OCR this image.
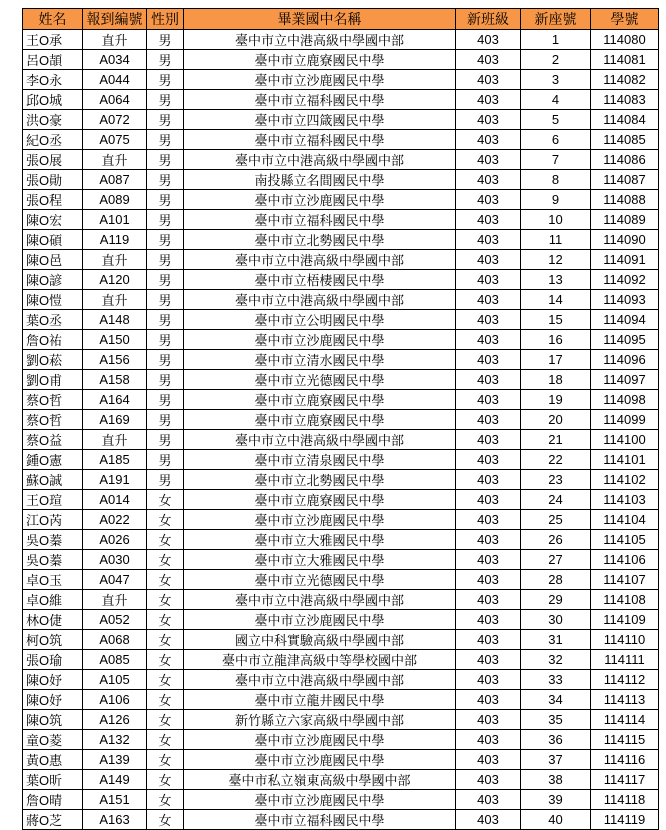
姓名	報到編號	性別	畢業國中名稱	新班級	新座號	學號
王O承	直升	男	臺中市立中港高級中學國中部	403	1	114080
呂O頡	A034	男	臺中市立鹿寮國民中學	403	2	114081
李O永	A044	男	臺中市立沙鹿國民中學	403	3	114082
邱O城	A064	男	臺中市立福科國民中學	403	4	114083
洪O豪	A072	男	臺中市立四箴國民中學	403	5	114084
紀O丞	A075	男	臺中市立福科國民中學	403	6	114085
張O展	直升	男	臺中市立中港高級中學國中部	403	7	114086
張O勛	A087	男	南投縣立名間國民中學	403	8	114087
張O程	A089	男	臺中市立沙鹿國民中學	403	9	114088
陳O宏	A101	男	臺中市立福科國民中學	403	10	114089
陳O碩	A119	男	臺中市立北勢國民中學	403	11	114090
陳O邑	直升	男	臺中市立中港高級中學國中部	403	12	114091
陳O諺	A120	男	臺中市立梧棲國民中學	403	13	114092
陳O愷	直升	男	臺中市立中港高級中學國中部	403	14	114093
葉O丞	A148	男	臺中市立公明國民中學	403	15	114094
詹O祐	A150	男	臺中市立沙鹿國民中學	403	16	114095
劉O菘	A156	男	臺中市立清水國民中學	403	17	114096
劉O甫	A158	男	臺中市立光德國民中學	403	18	114097
蔡O哲	A164	男	臺中市立鹿寮國民中學	403	19	114098
蔡O哲	A169	男	臺中市立鹿寮國民中學	403	20	114099
蔡O益	直升	男	臺中市立中港高級中學國中部	403	21	114100
鍾O憲	A185	男	臺中市立清泉國民中學	403	22	114101
蘇O誠	A191	男	臺中市立北勢國民中學	403	23	114102
王O瑄	A014	女	臺中市立鹿寮國民中學	403	24	114103
江O芮	A022	女	臺中市立沙鹿國民中學	403	25	114104
吳O蓁	A026	女	臺中市立大雅國民中學	403	26	114105
吳O蓁	A030	女	臺中市立大雅國民中學	403	27	114106
卓O玉	A047	女	臺中市立光德國民中學	403	28	114107
卓O維	直升	女	臺中市立中港高級中學國中部	403	29	114108
林O倢	A052	女	臺中市立沙鹿國民中學	403	30	114109
柯O筑	A068	女	國立中科實驗高級中學國中部	403	31	114110
張O瑜	A085	女	臺中市立龍津高級中等學校國中部	403	32	114111
陳O妤	A105	女	臺中市立中港高級中學國中部	403	33	114112
陳O妤	A106	女	臺中市立龍井國民中學	403	34	114113
陳O筑	A126	女	新竹縣立六家高級中學國中部	403	35	114114
童O菱	A132	女	臺中市立沙鹿國民中學	403	36	114115
黃O惠	A139	女	臺中市立沙鹿國民中學	403	37	114116
葉O昕	A149	女	臺中市私立嶺東高級中學國中部	403	38	114117
詹O晴	A151	女	臺中市立沙鹿國民中學	403	39	114118
蔣O芝	A163	女	臺中市立福科國民中學	403	40	114119
